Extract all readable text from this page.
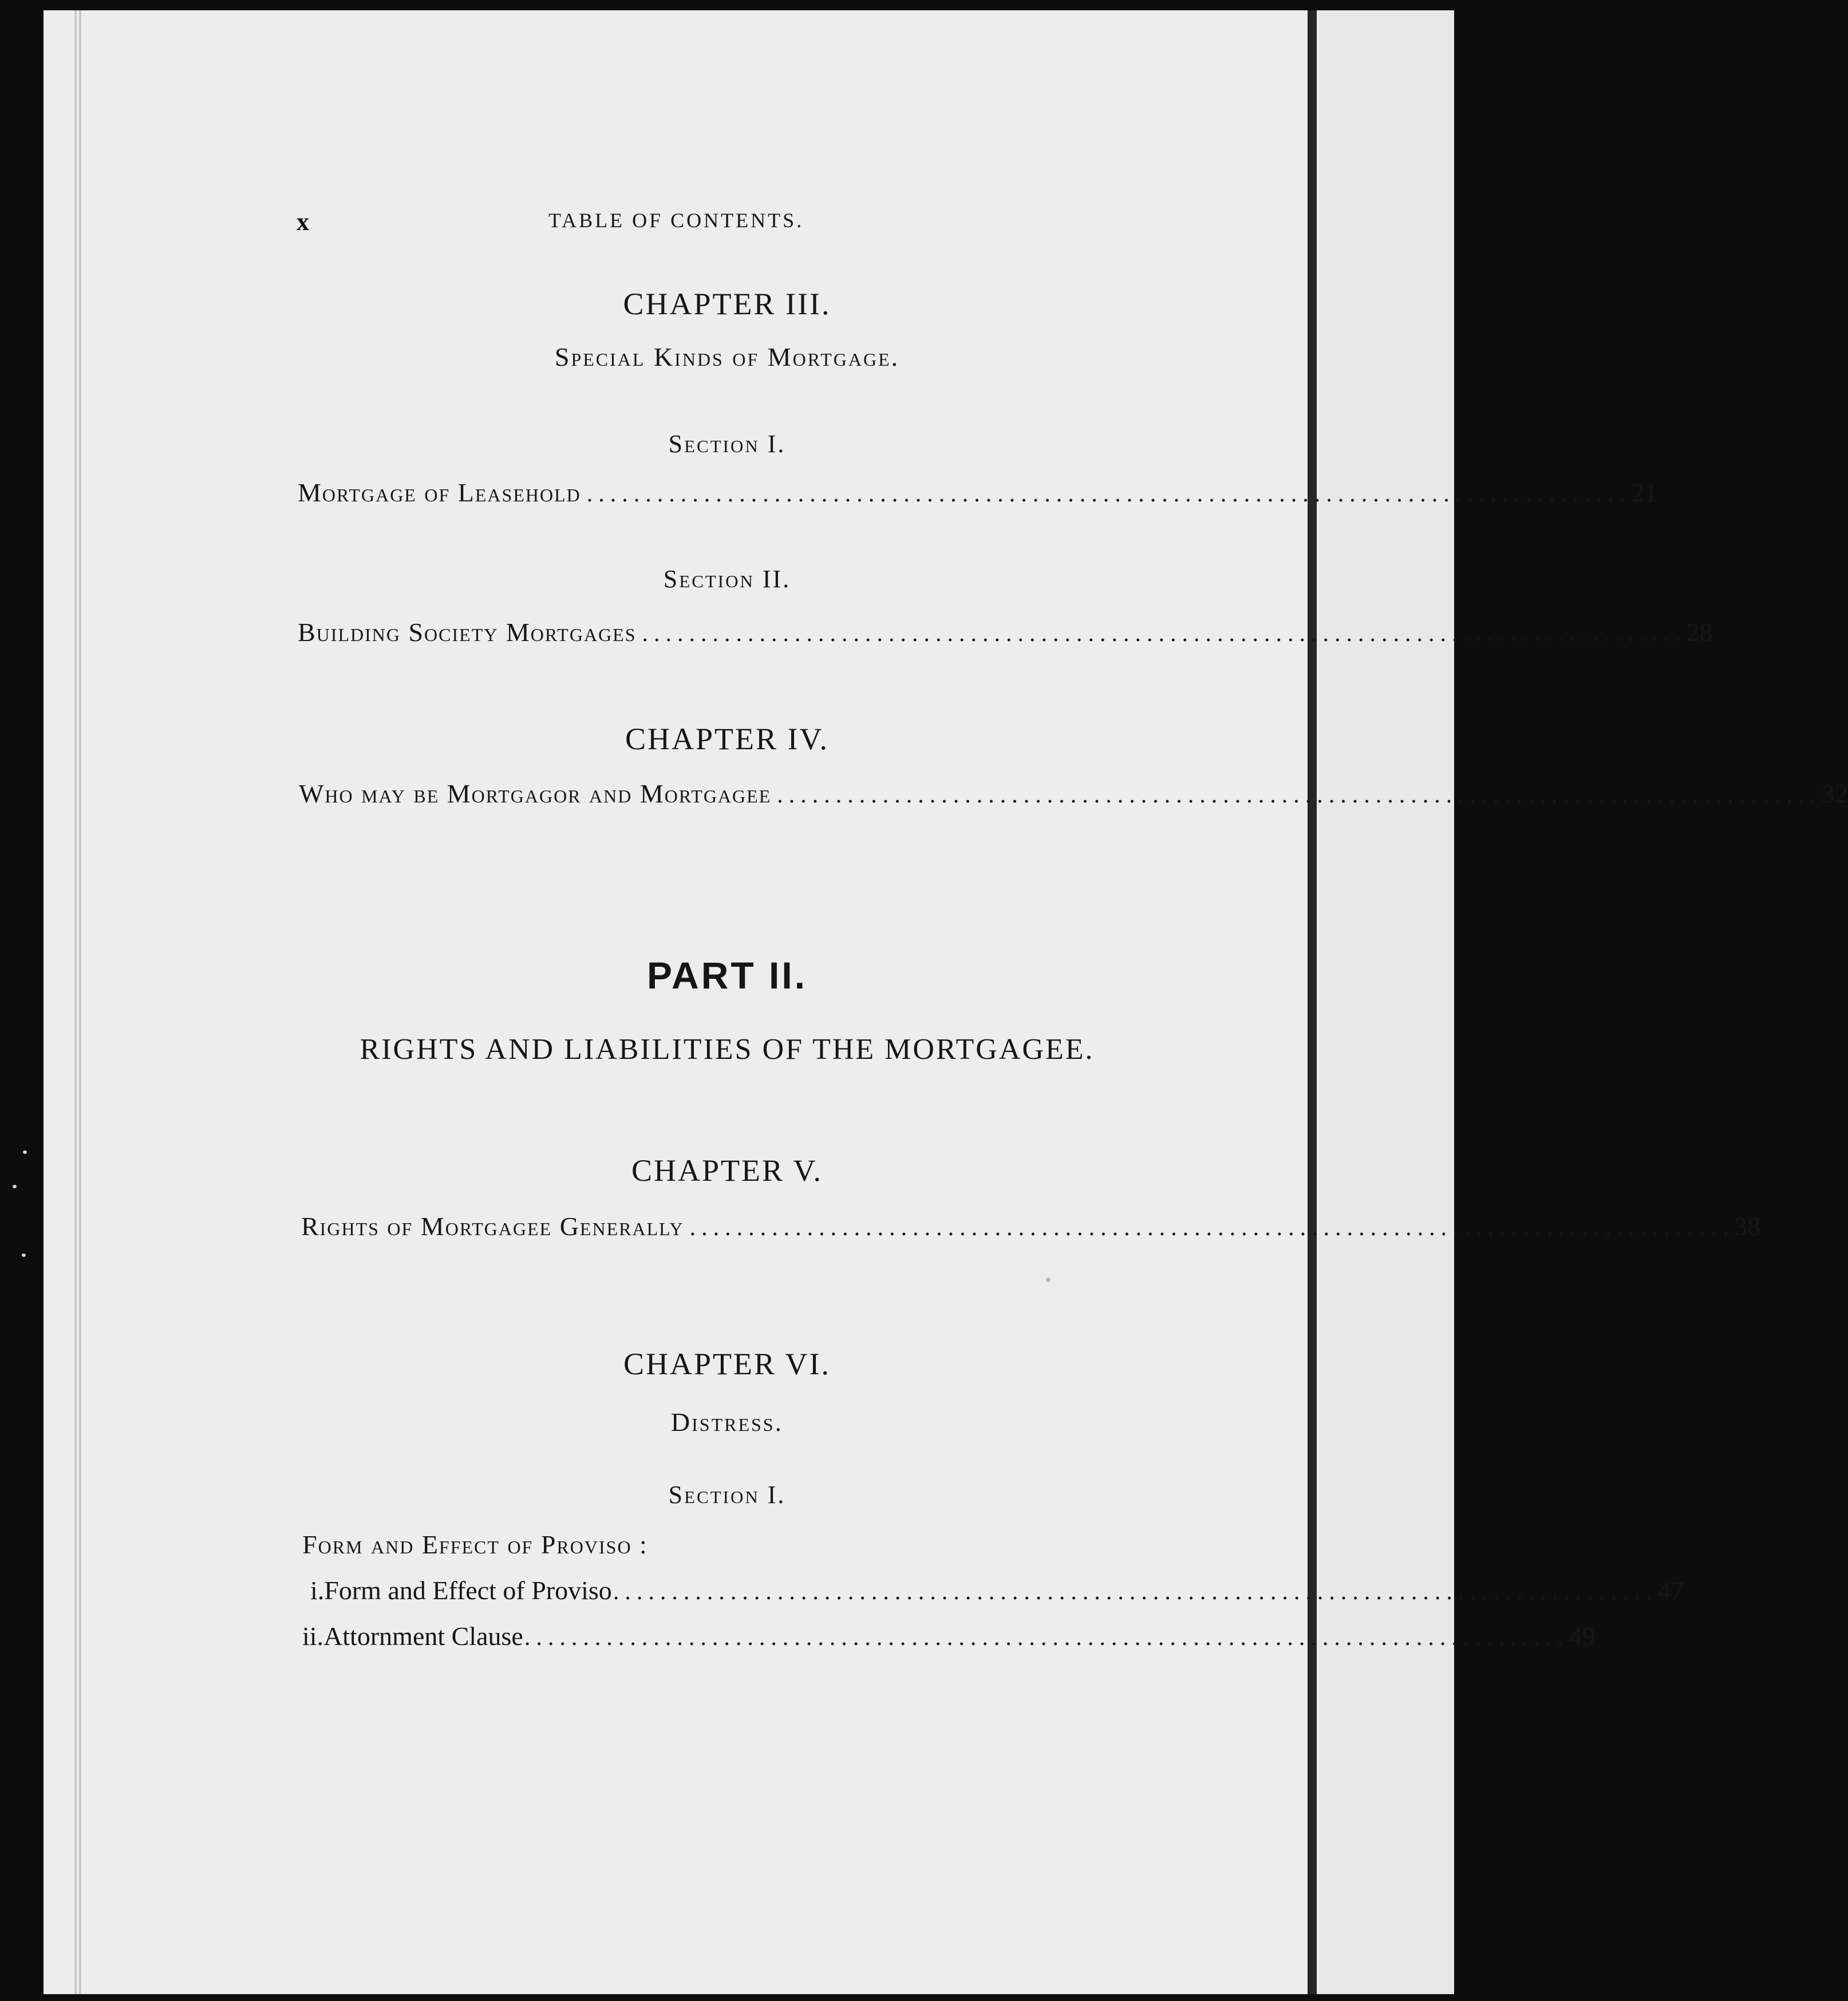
x	TABLE OF CONTENTS.
CHAPTER III.
Special Kinds of Mortgage.
Section I.
Mortgage of Leasehold ......................................................................................... 21
Section II.
Building Society Mortgages ......................................................................................... 28
CHAPTER IV.
Who may be Mortgagor and Mortgagee ......................................................................................... 32
PART II.
RIGHTS AND LIABILITIES OF THE MORTGAGEE.
CHAPTER V.
Rights of Mortgagee Generally ......................................................................................... 38
CHAPTER VI.
Distress.
Section I.
Form and Effect of Proviso :
i. Form and Effect of Proviso ......................................................................................... 47
ii. Attornment Clause ......................................................................................... 49
